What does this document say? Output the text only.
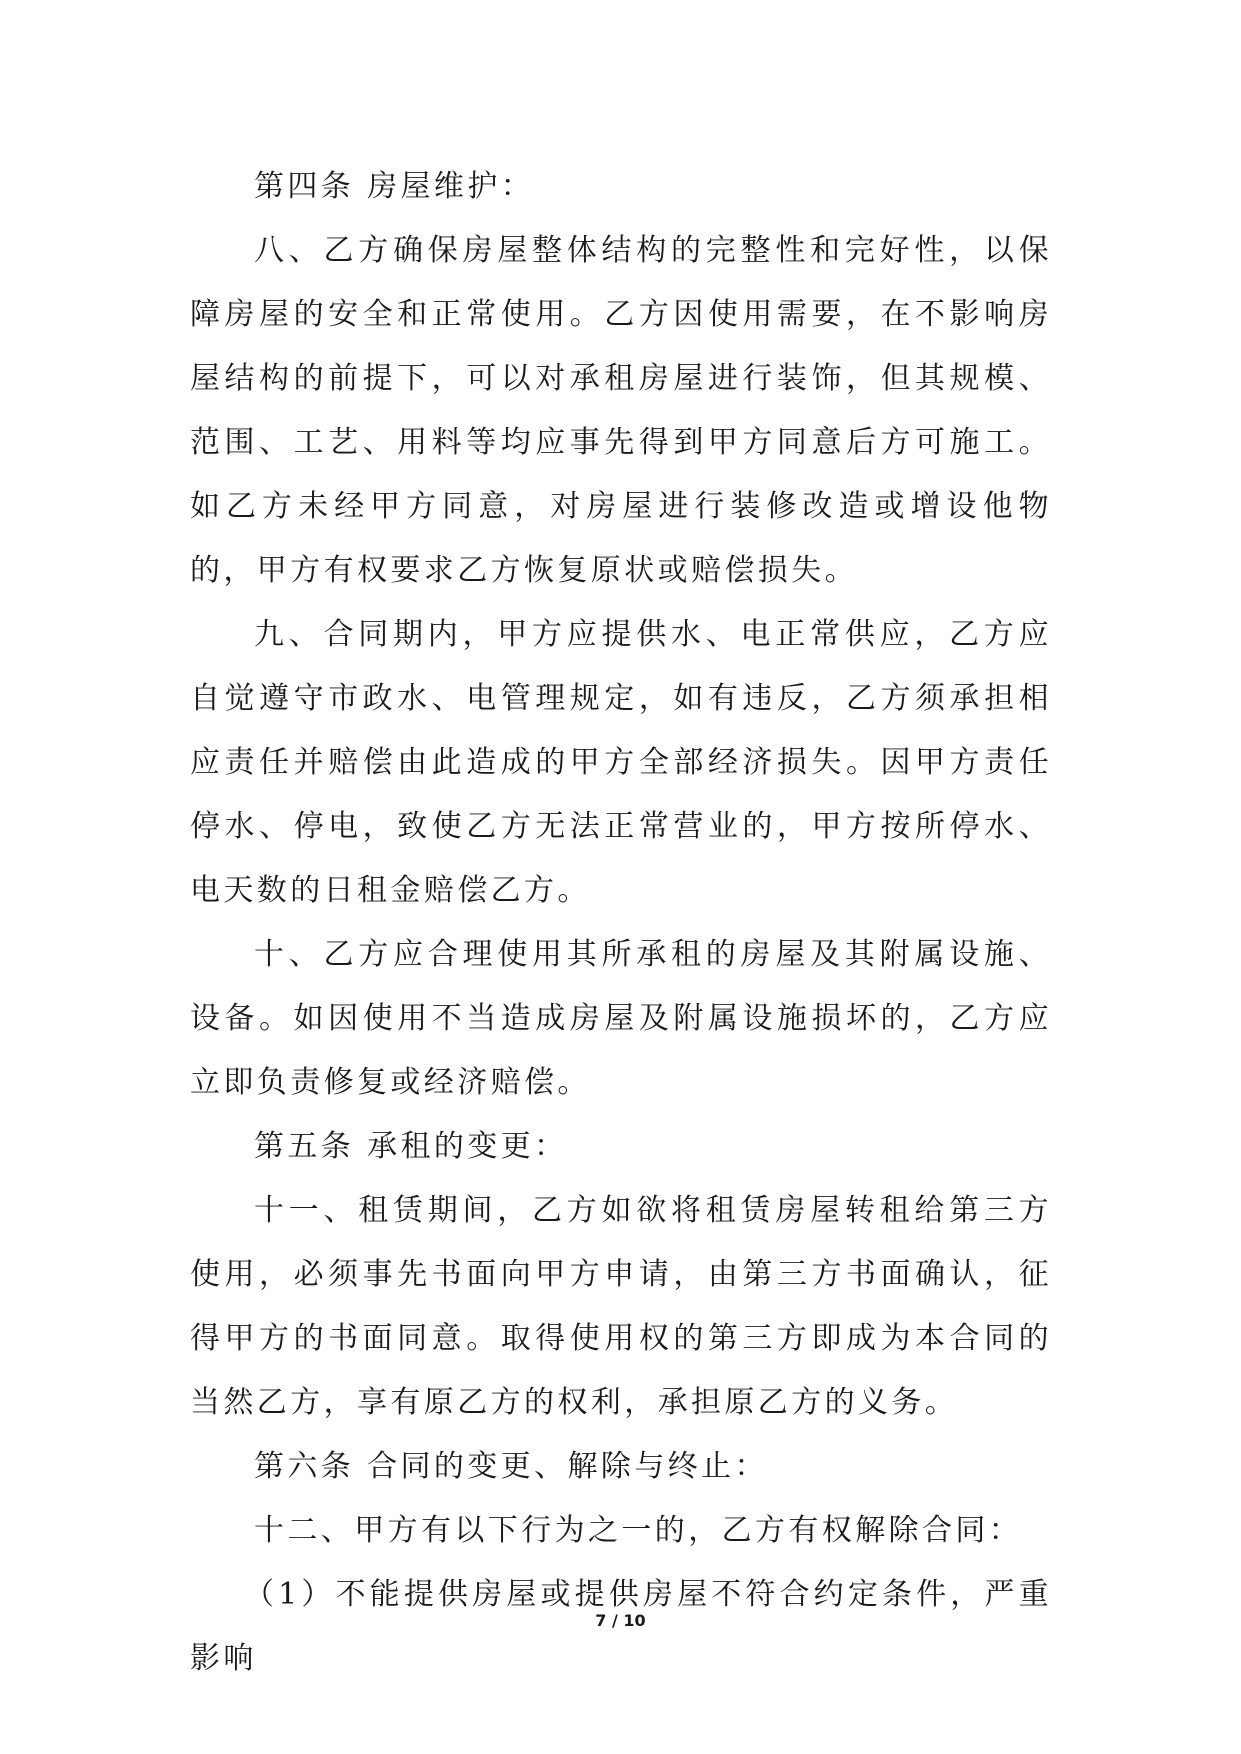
第四条 房屋维护：

八、乙方确保房屋整体结构的完整性和完好性，以保障房屋的安全和正常使用。乙方因使用需要，在不影响房屋结构的前提下，可以对承租房屋进行装饰，但其规模、范围、工艺、用料等均应事先得到甲方同意后方可施工。如乙方未经甲方同意，对房屋进行装修改造或增设他物的，甲方有权要求乙方恢复原状或赔偿损失。

九、合同期内，甲方应提供水、电正常供应，乙方应自觉遵守市政水、电管理规定，如有违反，乙方须承担相应责任并赔偿由此造成的甲方全部经济损失。因甲方责任停水、停电，致使乙方无法正常营业的，甲方按所停水、电天数的日租金赔偿乙方。

十、乙方应合理使用其所承租的房屋及其附属设施、设备。如因使用不当造成房屋及附属设施损坏的，乙方应立即负责修复或经济赔偿。

第五条 承租的变更：

十一、租赁期间，乙方如欲将租赁房屋转租给第三方使用，必须事先书面向甲方申请，由第三方书面确认，征得甲方的书面同意。取得使用权的第三方即成为本合同的当然乙方，享有原乙方的权利，承担原乙方的义务。

第六条 合同的变更、解除与终止：

十二、甲方有以下行为之一的，乙方有权解除合同：

（1）不能提供房屋或提供房屋不符合约定条件，严重影响

7 / 10
